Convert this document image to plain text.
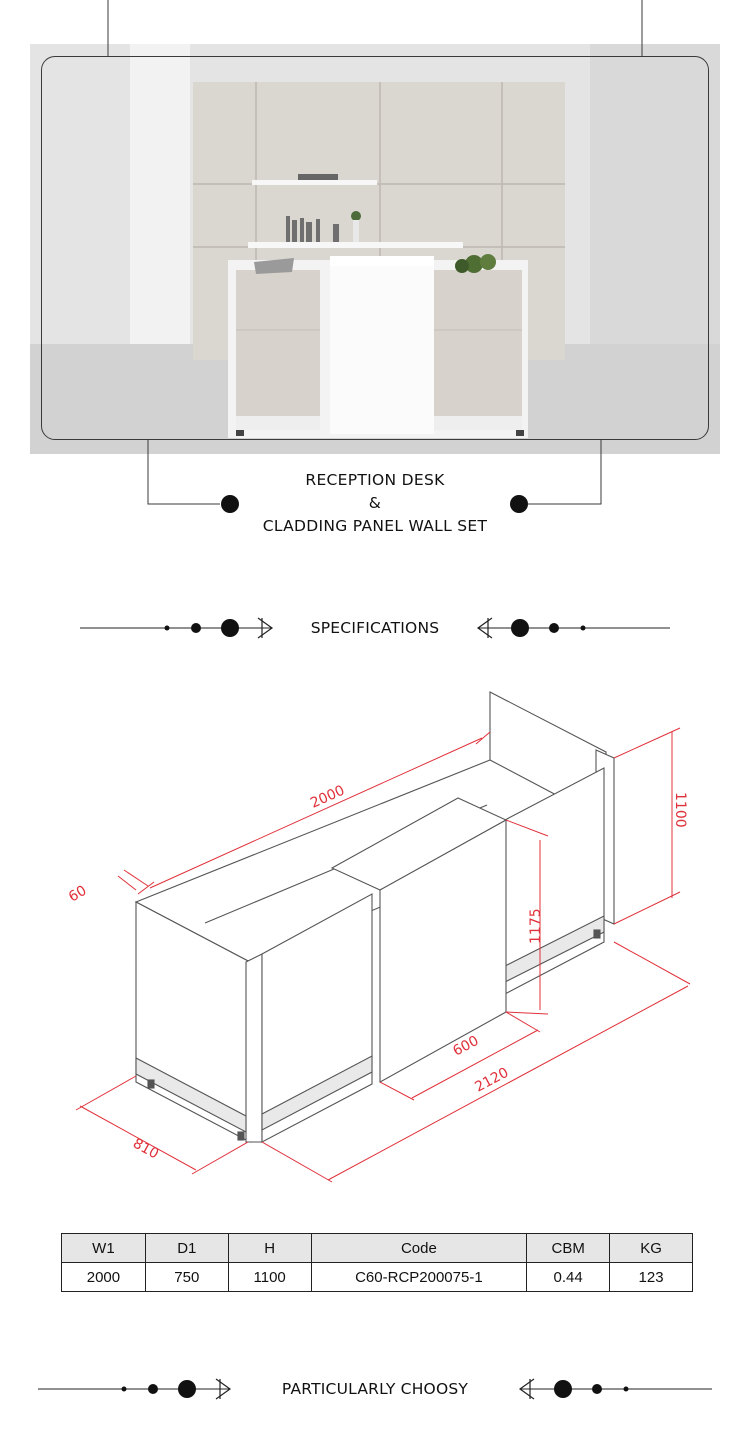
RECEPTION DESK
&
CLADDING PANEL WALL SET
SPECIFICATIONS
2000
60
1100
1175
600
2120
810
W1	D1	H	Code	CBM	KG
2000	750	1100	C60-RCP200075-1	0.44	123
PARTICULARLY CHOOSY
